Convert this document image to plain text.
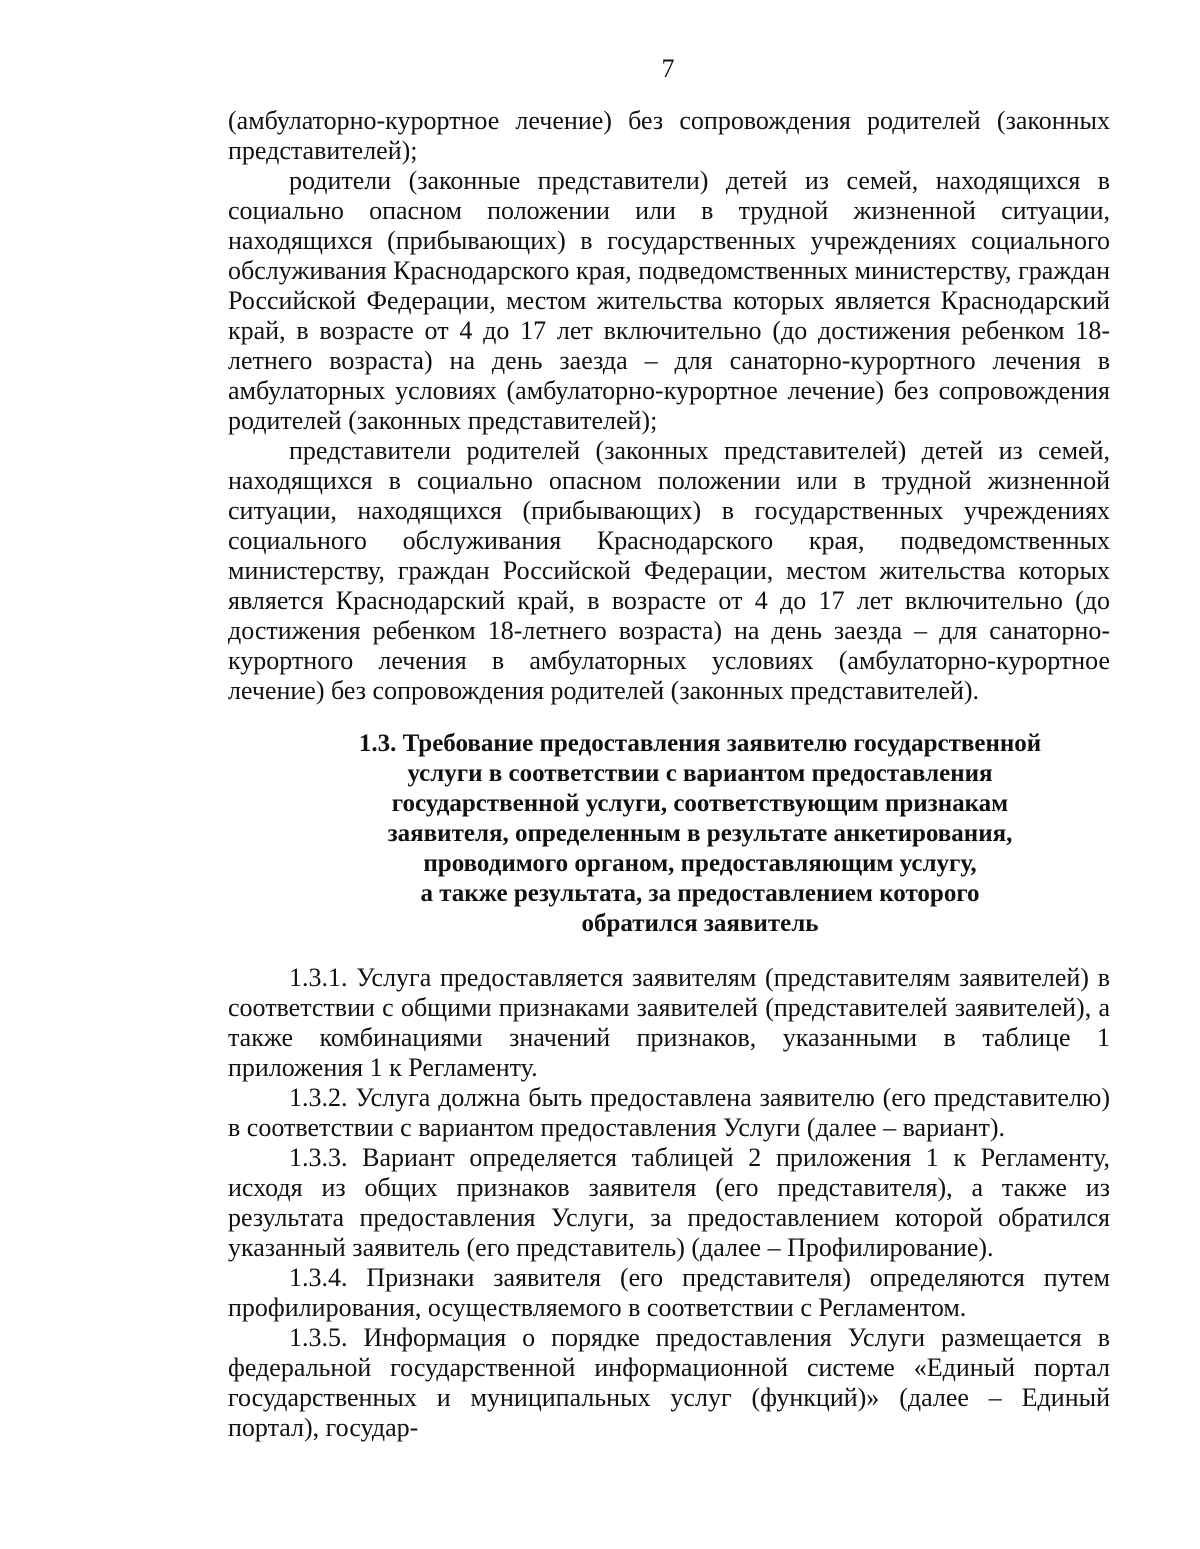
7

(амбулаторно-курортное лечение) без сопровождения родителей (законных представителей);

родители (законные представители) детей из семей, находящихся в социально опасном положении или в трудной жизненной ситуации, находящихся (прибывающих) в государственных учреждениях социального обслуживания Краснодарского края, подведомственных министерству, граждан Российской Федерации, местом жительства которых является Краснодарский край, в возрасте от 4 до 17 лет включительно (до достижения ребенком 18-летнего возраста) на день заезда – для санаторно-курортного лечения в амбулаторных условиях (амбулаторно-курортное лечение) без сопровождения родителей (законных представителей);

представители родителей (законных представителей) детей из семей, находящихся в социально опасном положении или в трудной жизненной ситуации, находящихся (прибывающих) в государственных учреждениях социального обслуживания Краснодарского края, подведомственных министерству, граждан Российской Федерации, местом жительства которых является Краснодарский край, в возрасте от 4 до 17 лет включительно (до достижения ребенком 18-летнего возраста) на день заезда – для санаторно-курортного лечения в амбулаторных условиях (амбулаторно-курортное лечение) без сопровождения родителей (законных представителей).

1.3. Требование предоставления заявителю государственной
услуги в соответствии с вариантом предоставления
государственной услуги, соответствующим признакам
заявителя, определенным в результате анкетирования,
проводимого органом, предоставляющим услугу,
а также результата, за предоставлением которого
обратился заявитель

1.3.1. Услуга предоставляется заявителям (представителям заявителей) в соответствии с общими признаками заявителей (представителей заявителей), а также комбинациями значений признаков, указанными в таблице 1 приложения 1 к Регламенту.

1.3.2. Услуга должна быть предоставлена заявителю (его представителю) в соответствии с вариантом предоставления Услуги (далее – вариант).

1.3.3. Вариант определяется таблицей 2 приложения 1 к Регламенту, исходя из общих признаков заявителя (его представителя), а также из результата предоставления Услуги, за предоставлением которой обратился указанный заявитель (его представитель) (далее – Профилирование).

1.3.4. Признаки заявителя (его представителя) определяются путем профилирования, осуществляемого в соответствии с Регламентом.

1.3.5. Информация о порядке предоставления Услуги размещается в федеральной государственной информационной системе «Единый портал государственных и муниципальных услуг (функций)» (далее – Единый портал), государ-
